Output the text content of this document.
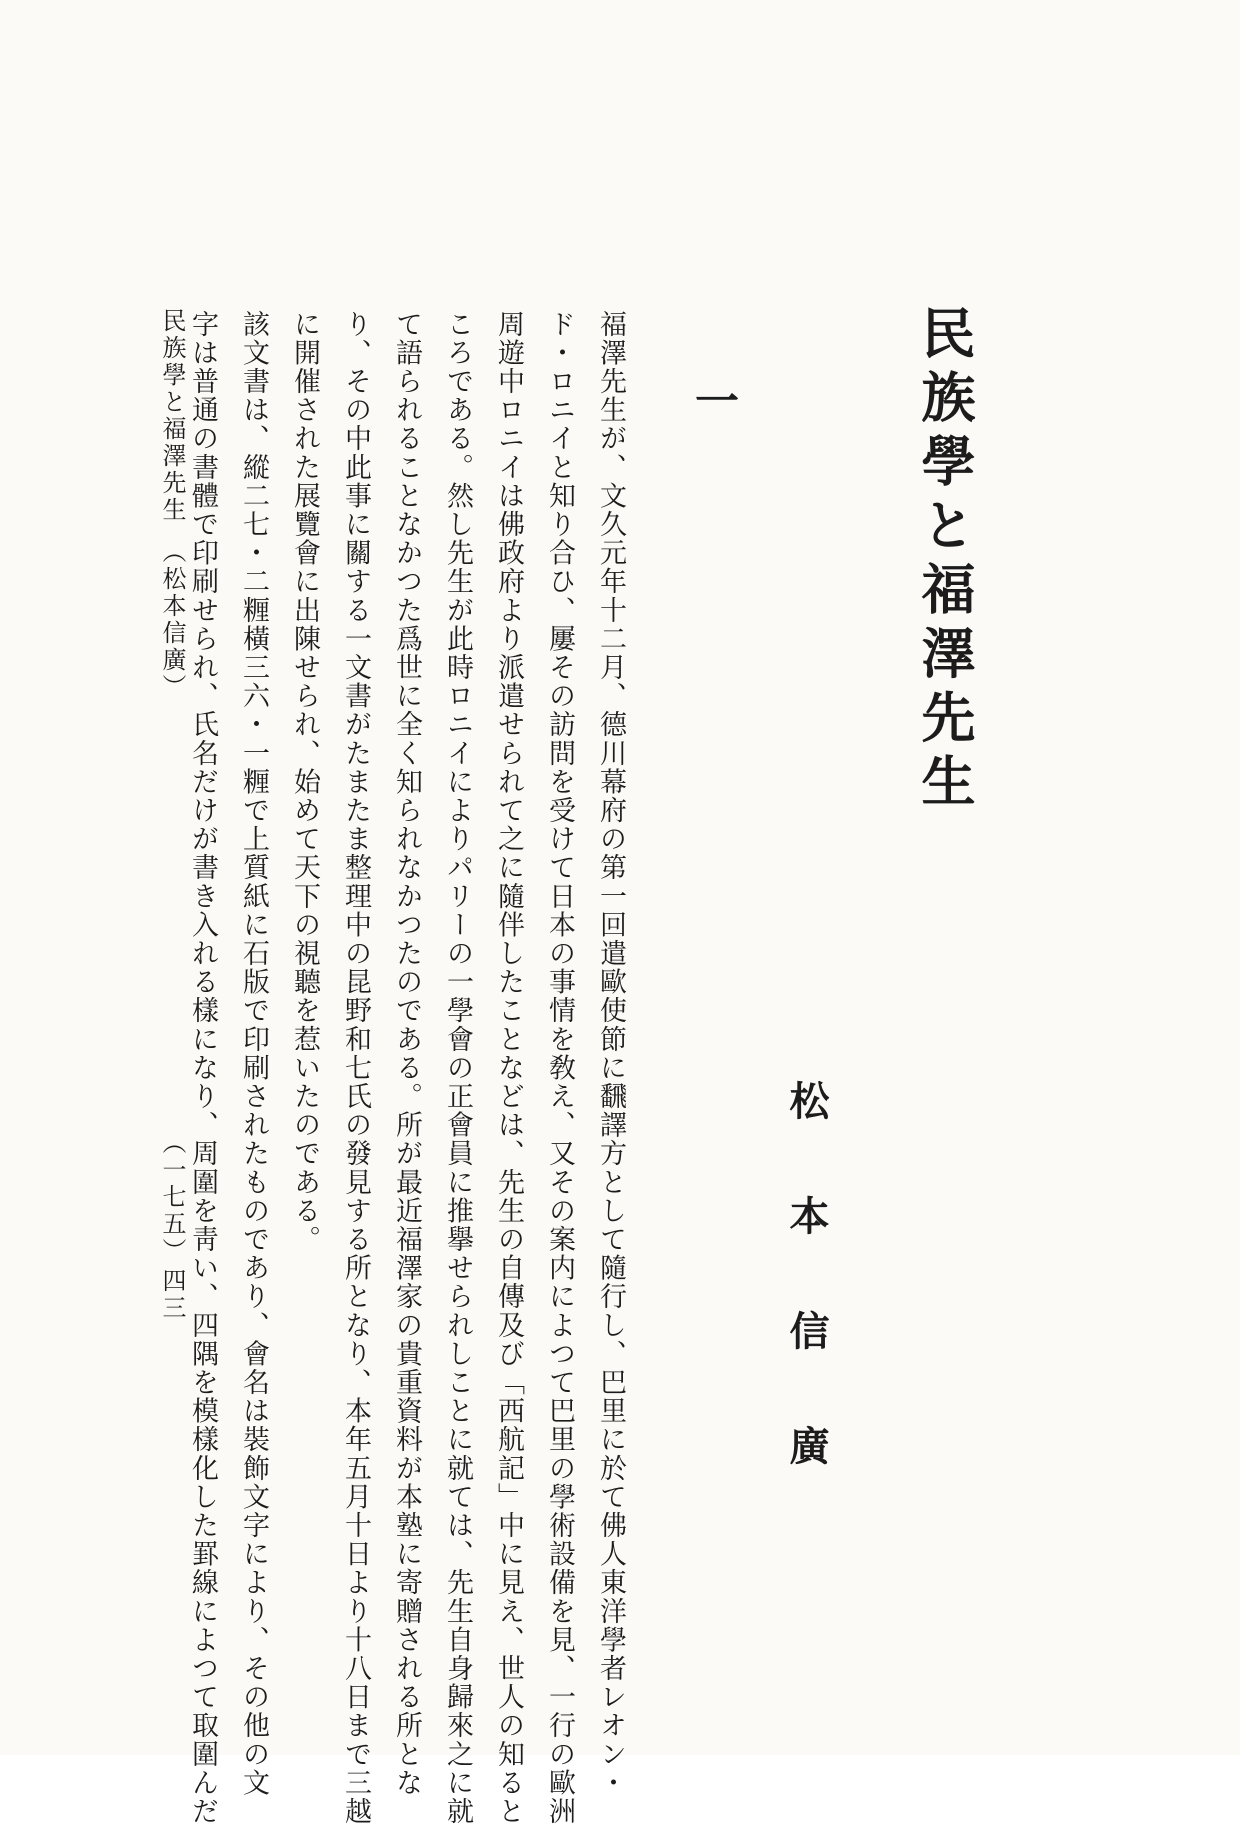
民族學と福澤先生
松本信廣
一
福澤先生が、文久元年十二月、德川幕府の第一回遣歐使節に飜譯方として隨行し、巴里に於て佛人東洋學者レオン・
ド・ロニイと知り合ひ、屢その訪問を受けて日本の事情を敎え、又その案内によつて巴里の學術設備を見、一行の歐洲
周遊中ロニイは佛政府より派遣せられて之に隨伴したことなどは、先生の自傳及び「西航記」中に見え、世人の知ると
ころである。然し先生が此時ロニイによりパリーの一學會の正會員に推擧せられしことに就ては、先生自身歸來之に就
て語られることなかつた爲世に全く知られなかつたのである。所が最近福澤家の貴重資料が本塾に寄贈される所とな
り、その中此事に關する一文書がたまたま整理中の昆野和七氏の發見する所となり、本年五月十日より十八日まで三越
に開催された展覽會に出陳せられ、始めて天下の視聽を惹いたのである。
該文書は、縱二七・二糎橫三六・一糎で上質紙に石版で印刷されたものであり、會名は裝飾文字により、その他の文
字は普通の書體で印刷せられ、氏名だけが書き入れる樣になり、周圍を靑い、四隅を模樣化した罫線によつて取圍んだ
民族學と福澤先生　（松本信廣）
（一七五）
四三
